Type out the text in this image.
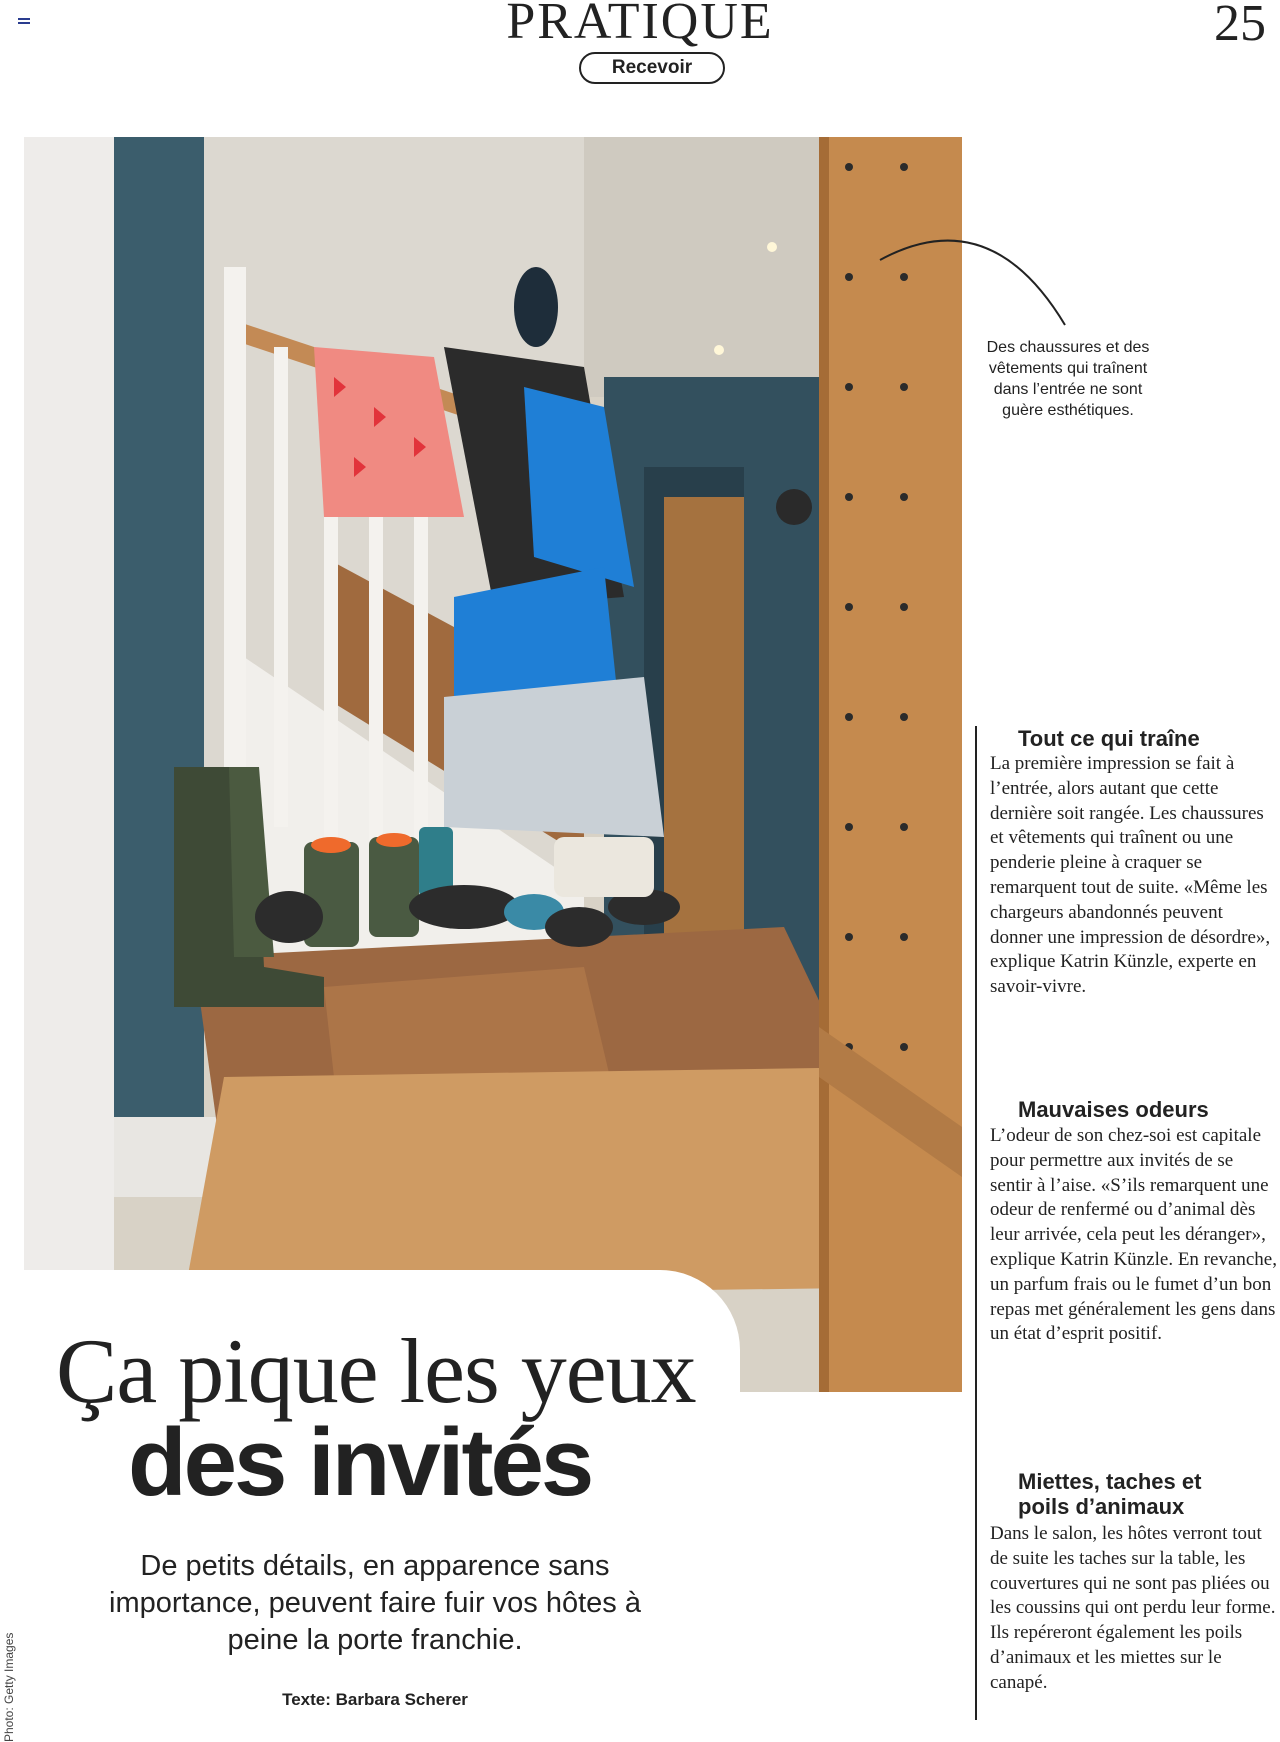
PRATIQUE	25
Recevoir
Des chaussures et des vêtements qui traînent dans l’entrée ne sont guère esthétiques.
Ça pique les yeux
des invités
De petits détails, en apparence sans importance, peuvent faire fuir vos hôtes à peine la porte franchie.
Texte: Barbara Scherer
Photo: Getty Images
Tout ce qui traîne
La première impression se fait à l’entrée, alors autant que cette dernière soit rangée. Les chaussures et vêtements qui traînent ou une penderie pleine à craquer se remarquent tout de suite. «Même les chargeurs abandonnés peuvent donner une impression de désordre», explique Katrin Künzle, experte en savoir-vivre.
Mauvaises odeurs
L’odeur de son chez-soi est capitale pour permettre aux invités de se sentir à l’aise. «S’ils remarquent une odeur de renfermé ou d’animal dès leur arrivée, cela peut les déranger», explique Katrin Künzle. En revanche, un parfum frais ou le fumet d’un bon repas met généralement les gens dans un état d’esprit positif.
Miettes, taches et poils d’animaux
Dans le salon, les hôtes verront tout de suite les taches sur la table, les couvertures qui ne sont pas pliées ou les coussins qui ont perdu leur forme. Ils repéreront également les poils d’animaux et les miettes sur le canapé.
